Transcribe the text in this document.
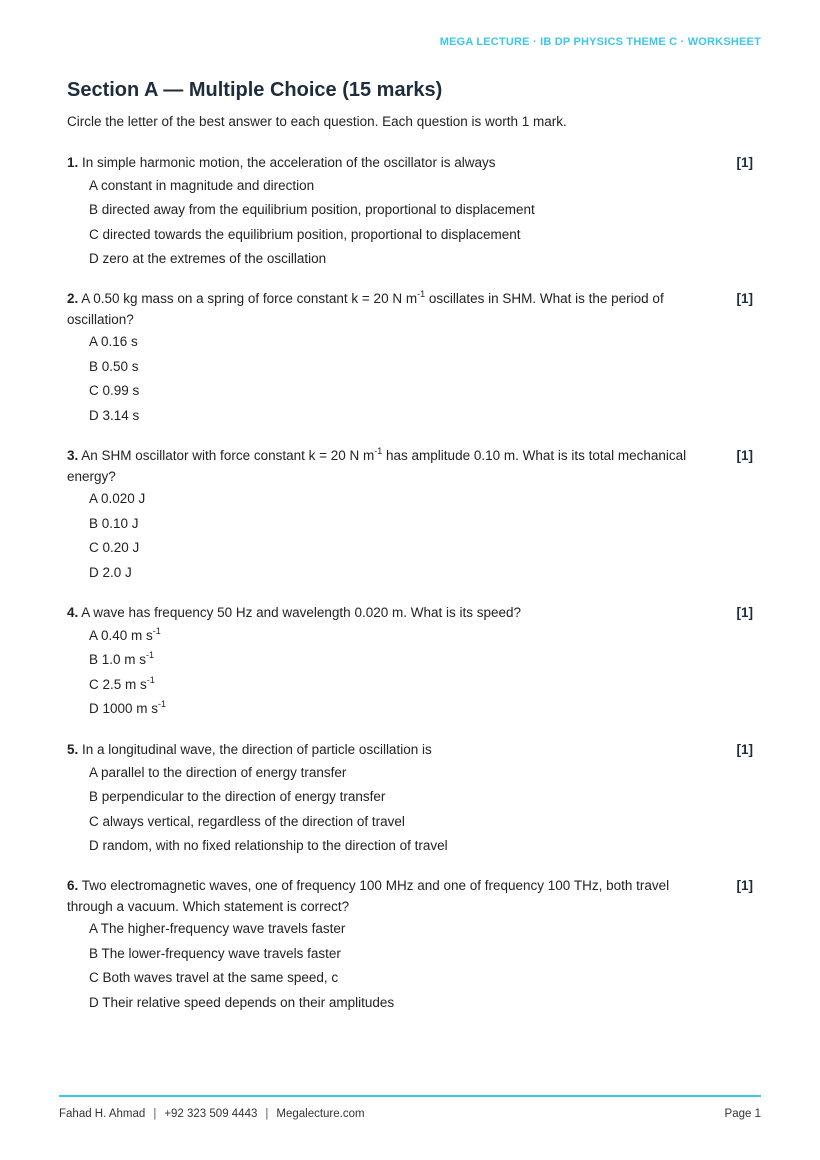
MEGA LECTURE · IB DP PHYSICS THEME C · WORKSHEET
Section A — Multiple Choice (15 marks)
Circle the letter of the best answer to each question. Each question is worth 1 mark.
1. In simple harmonic motion, the acceleration of the oscillator is always	[1]
A constant in magnitude and direction
B directed away from the equilibrium position, proportional to displacement
C directed towards the equilibrium position, proportional to displacement
D zero at the extremes of the oscillation
2. A 0.50 kg mass on a spring of force constant k = 20 N $m^{-1}$ oscillates in SHM. What is the period of oscillation?
[1]
A 0.16 s
B 0.50 s
C 0.99 s
D 3.14 s
3. An SHM oscillator with force constant k = 20 N $m^{-1}$ has amplitude 0.10 m. What is its total mechanical energy?
[1]
A 0.020 J
B 0.10 J
C 0.20 J
D 2.0 J
4. A wave has frequency 50 Hz and wavelength 0.020 m. What is its speed?	[1]
A 0.40 m $s^{-1}$
B 1.0 m $s^{-1}$
C 2.5 m $s^{-1}$
D 1000 m $s^{-1}$
5. In a longitudinal wave, the direction of particle oscillation is	[1]
A parallel to the direction of energy transfer
B perpendicular to the direction of energy transfer
C always vertical, regardless of the direction of travel
D random, with no fixed relationship to the direction of travel
6. Two electromagnetic waves, one of frequency 100 MHz and one of frequency 100 THz, both travel through a vacuum. Which statement is correct?
[1]
A The higher-frequency wave travels faster
B The lower-frequency wave travels faster
C Both waves travel at the same speed, c
D Their relative speed depends on their amplitudes
Fahad H. Ahmad | +92 323 509 4443 | Megalecture.com	Page 1
